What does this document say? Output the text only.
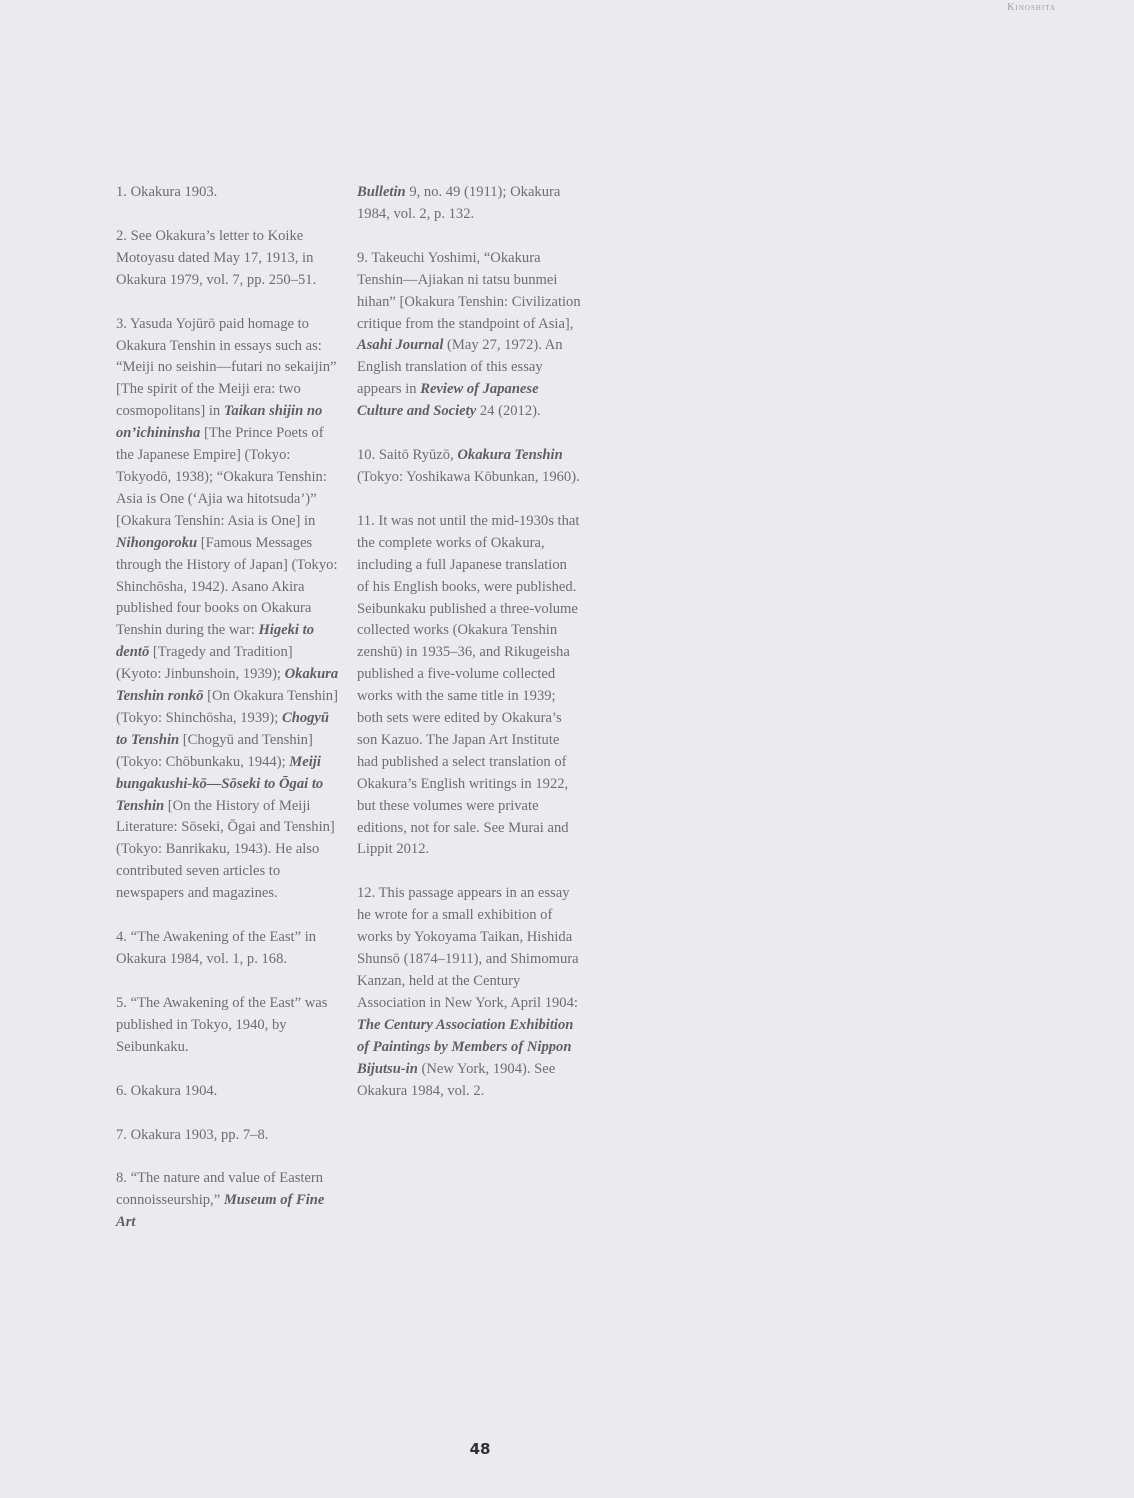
Kinoshita

1. Okakura 1903.

2. See Okakura’s letter to Koike Motoyasu dated May 17, 1913, in Okakura 1979, vol. 7, pp. 250–51.

3. Yasuda Yojūrō paid homage to Okakura Tenshin in essays such as: “Meiji no seishin—futari no sekaijin” [The spirit of the Meiji era: two cosmopolitans] in Taikan shijin no on’ichininsha [The Prince Poets of the Japanese Empire] (Tokyo: Tokyodō, 1938); “Okakura Tenshin: Asia is One (‘Ajia wa hitotsuda’)” [Okakura Tenshin: Asia is One] in Nihongoroku [Famous Messages through the History of Japan] (Tokyo: Shinchōsha, 1942). Asano Akira published four books on Okakura Tenshin during the war: Higeki to dentō [Tragedy and Tradition] (Kyoto: Jinbunshoin, 1939); Okakura Tenshin ronkō [On Okakura Tenshin] (Tokyo: Shinchōsha, 1939); Chogyū to Tenshin [Chogyū and Tenshin] (Tokyo: Chōbunkaku, 1944); Meiji bungakushi-kō—Sōseki to Ōgai to Tenshin [On the History of Meiji Literature: Sōseki, Ōgai and Tenshin] (Tokyo: Banrikaku, 1943). He also contributed seven articles to newspapers and magazines.

4. “The Awakening of the East” in Okakura 1984, vol. 1, p. 168.

5. “The Awakening of the East” was published in Tokyo, 1940, by Seibunkaku.

6. Okakura 1904.

7. Okakura 1903, pp. 7–8.

8. “The nature and value of Eastern connoisseurship,” Museum of Fine Art

Bulletin 9, no. 49 (1911); Okakura 1984, vol. 2, p. 132.

9. Takeuchi Yoshimi, “Okakura Tenshin—Ajiakan ni tatsu bunmei hihan” [Okakura Tenshin: Civilization critique from the standpoint of Asia], Asahi Journal (May 27, 1972). An English translation of this essay appears in Review of Japanese Culture and Society 24 (2012).

10. Saitō Ryūzō, Okakura Tenshin (Tokyo: Yoshikawa Kōbunkan, 1960).

11. It was not until the mid-1930s that the complete works of Okakura, including a full Japanese translation of his English books, were published. Seibunkaku published a three-volume collected works (Okakura Tenshin zenshū) in 1935–36, and Rikugeisha published a five-volume collected works with the same title in 1939; both sets were edited by Okakura’s son Kazuo. The Japan Art Institute had published a select translation of Okakura’s English writings in 1922, but these volumes were private editions, not for sale. See Murai and Lippit 2012.

12. This passage appears in an essay he wrote for a small exhibition of works by Yokoyama Taikan, Hishida Shunsō (1874–1911), and Shimomura Kanzan, held at the Century Association in New York, April 1904: The Century Association Exhibition of Paintings by Members of Nippon Bijutsu-in (New York, 1904). See Okakura 1984, vol. 2.

48
